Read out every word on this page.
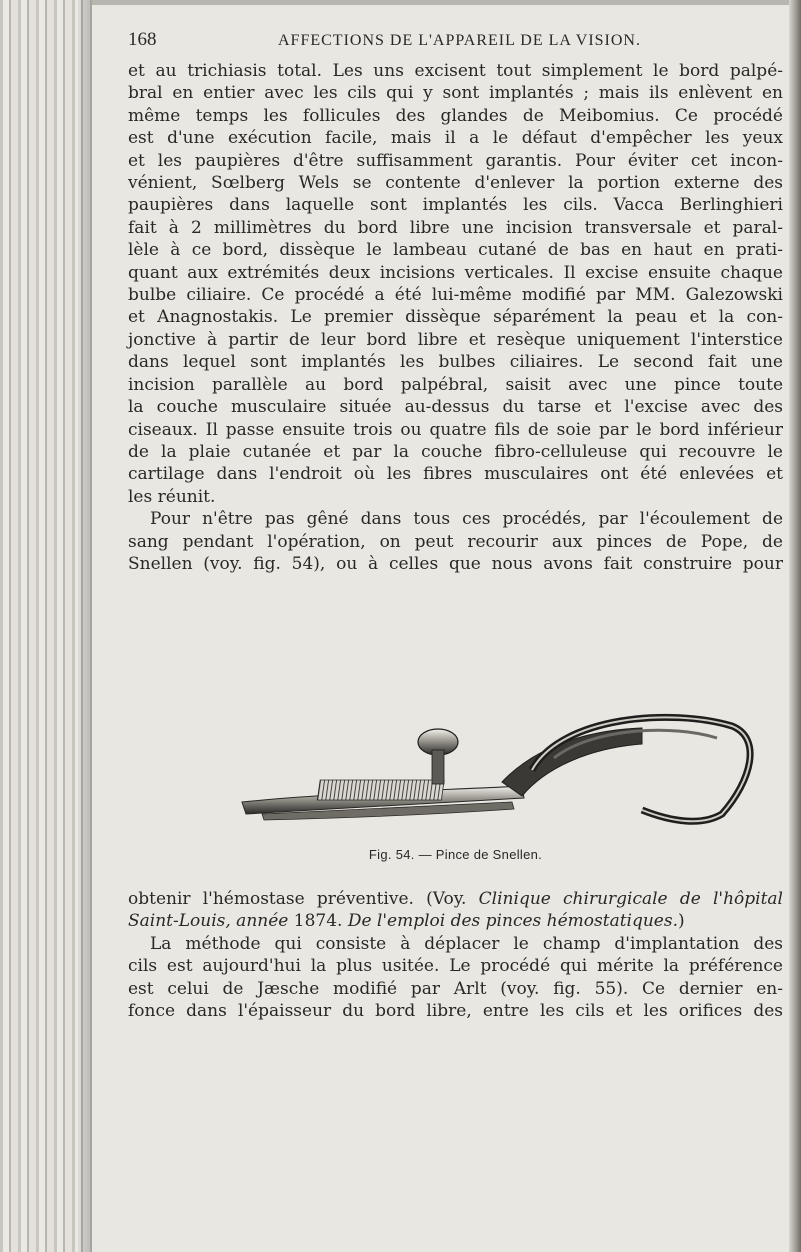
168	AFFECTIONS DE L'APPAREIL DE LA VISION.
et au trichiasis total. Les uns excisent tout simplement le bord palpé-
bral en entier avec les cils qui y sont implantés ; mais ils enlèvent en
même temps les follicules des glandes de Meibomius. Ce procédé
est d'une exécution facile, mais il a le défaut d'empêcher les yeux
et les paupières d'être suffisamment garantis. Pour éviter cet incon-
vénient, Sœlberg Wels se contente d'enlever la portion externe des
paupières dans laquelle sont implantés les cils. Vacca Berlinghieri
fait à 2 millimètres du bord libre une incision transversale et paral-
lèle à ce bord, dissèque le lambeau cutané de bas en haut en prati-
quant aux extrémités deux incisions verticales. Il excise ensuite chaque
bulbe ciliaire. Ce procédé a été lui-même modifié par MM. Galezowski
et Anagnostakis. Le premier dissèque séparément la peau et la con-
jonctive à partir de leur bord libre et resèque uniquement l'interstice
dans lequel sont implantés les bulbes ciliaires. Le second fait une
incision parallèle au bord palpébral, saisit avec une pince toute
la couche musculaire située au-dessus du tarse et l'excise avec des
ciseaux. Il passe ensuite trois ou quatre fils de soie par le bord inférieur
de la plaie cutanée et par la couche fibro-celluleuse qui recouvre le
cartilage dans l'endroit où les fibres musculaires ont été enlevées et
les réunit.
Pour n'être pas gêné dans tous ces procédés, par l'écoulement de
sang pendant l'opération, on peut recourir aux pinces de Pope, de
Snellen (voy. fig. 54), ou à celles que nous avons fait construire pour
Fig. 54. — Pince de Snellen.
obtenir l'hémostase préventive. (Voy. Clinique chirurgicale de l'hôpital
Saint-Louis, année 1874. De l'emploi des pinces hémostatiques.)
La méthode qui consiste à déplacer le champ d'implantation des
cils est aujourd'hui la plus usitée. Le procédé qui mérite la préférence
est celui de Jæsche modifié par Arlt (voy. fig. 55). Ce dernier en-
fonce dans l'épaisseur du bord libre, entre les cils et les orifices des
